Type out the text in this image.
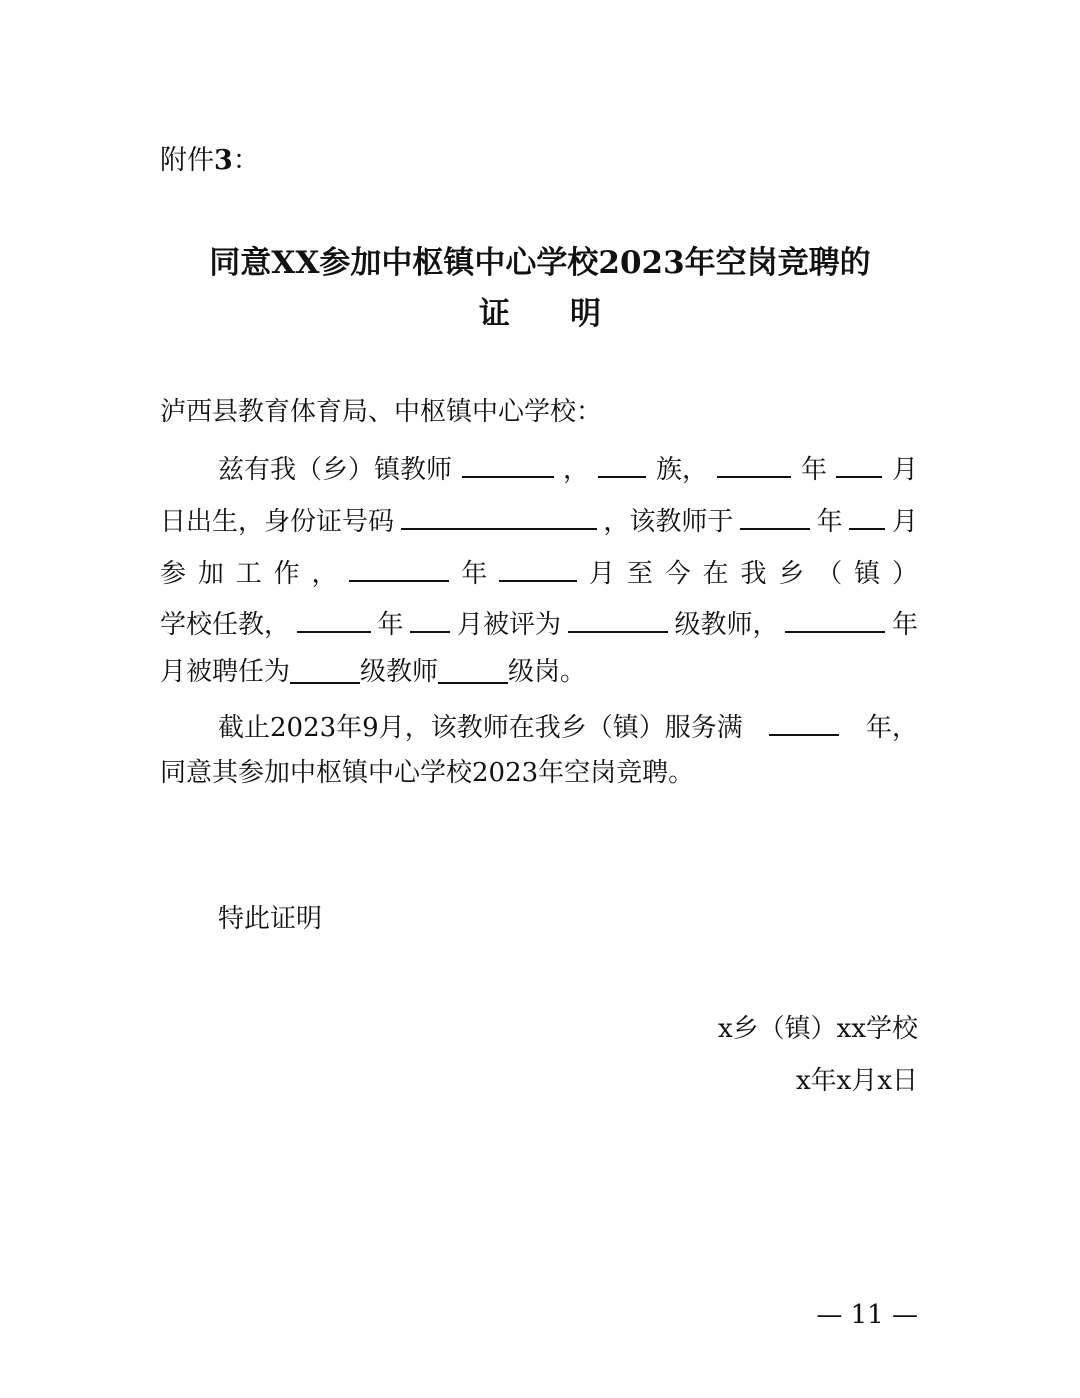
附件3：
同意XX参加中枢镇中心学校2023年空岗竞聘的
证 明
泸西县教育体育局、中枢镇中心学校：
兹有我（乡）镇教师	，	族，	年 月
日出生，身份证号码	，该教师于	年 月
参 加 工 作 ，	年	月 至 今 在 我 乡 （ 镇 ）
学校任教，	年 月被评为	级教师，	年
月被聘任为	级教师	级岗。
截止2023年9月，该教师在我乡（镇）服务满	年，
同意其参加中枢镇中心学校2023年空岗竞聘。
特此证明
x乡（镇）xx学校
x年x月x日
— 11 —
